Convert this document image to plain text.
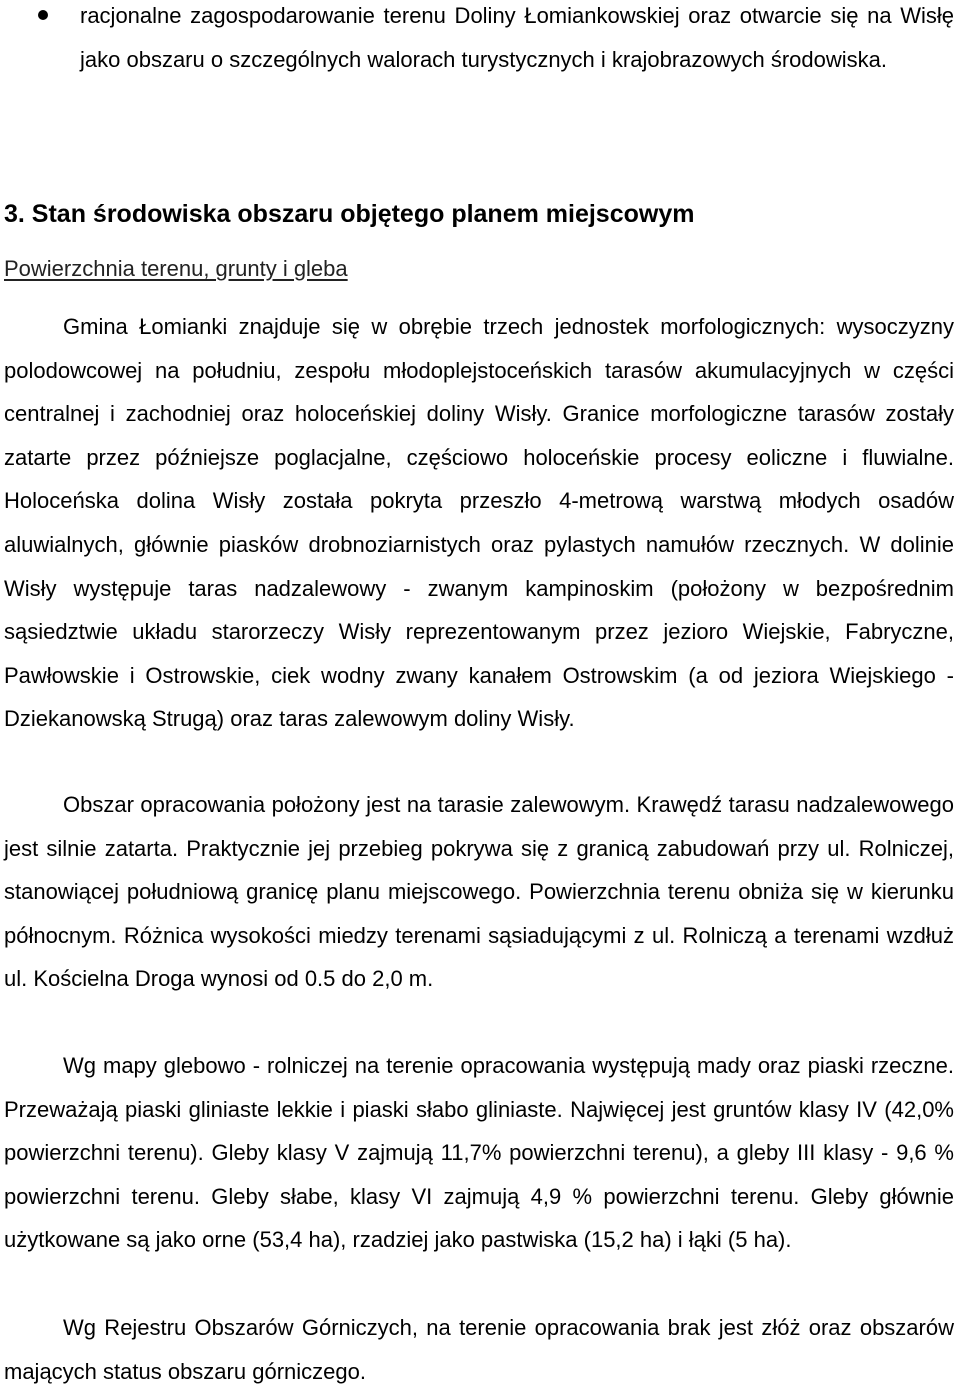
racjonalne zagospodarowanie terenu Doliny Łomiankowskiej oraz otwarcie się na Wisłę jako obszaru o szczególnych walorach turystycznych i krajobrazowych środowiska.
3. Stan środowiska obszaru objętego planem miejscowym
Powierzchnia terenu, grunty i gleba

Gmina Łomianki znajduje się w obrębie trzech jednostek morfologicznych: wysoczyzny polodowcowej na południu, zespołu młodoplejstoceńskich tarasów akumulacyjnych w części centralnej i zachodniej oraz holoceńskiej doliny Wisły. Granice morfologiczne tarasów zostały zatarte przez późniejsze poglacjalne, częściowo holoceńskie procesy eoliczne i fluwialne. Holoceńska dolina Wisły została pokryta przeszło 4-metrową warstwą młodych osadów aluwialnych, głównie piasków drobnoziarnistych oraz pylastych namułów rzecznych. W dolinie Wisły występuje taras nadzalewowy - zwanym kampinoskim (położony w bezpośrednim sąsiedztwie układu starorzeczy Wisły reprezentowanym przez jezioro Wiejskie, Fabryczne, Pawłowskie i Ostrowskie, ciek wodny zwany kanałem Ostrowskim (a od jeziora Wiejskiego - Dziekanowską Strugą) oraz taras zalewowym doliny Wisły.

Obszar opracowania położony jest na tarasie zalewowym. Krawędź tarasu nadzalewowego jest silnie zatarta. Praktycznie jej przebieg pokrywa się z granicą zabudowań przy ul. Rolniczej, stanowiącej południową granicę planu miejscowego. Powierzchnia terenu obniża się w kierunku północnym. Różnica wysokości miedzy terenami sąsiadującymi z ul. Rolniczą a terenami wzdłuż ul. Kościelna Droga wynosi od 0.5 do 2,0 m.

Wg mapy glebowo - rolniczej na terenie opracowania występują mady oraz piaski rzeczne. Przeważają piaski gliniaste lekkie i piaski słabo gliniaste. Najwięcej jest gruntów klasy IV (42,0% powierzchni terenu). Gleby klasy V zajmują 11,7% powierzchni terenu), a gleby III klasy - 9,6 % powierzchni terenu. Gleby słabe, klasy VI zajmują 4,9 % powierzchni terenu. Gleby głównie użytkowane są jako orne (53,4 ha), rzadziej jako pastwiska (15,2 ha) i łąki (5 ha).

Wg Rejestru Obszarów Górniczych, na terenie opracowania brak jest złóż oraz obszarów mających status obszaru górniczego.
